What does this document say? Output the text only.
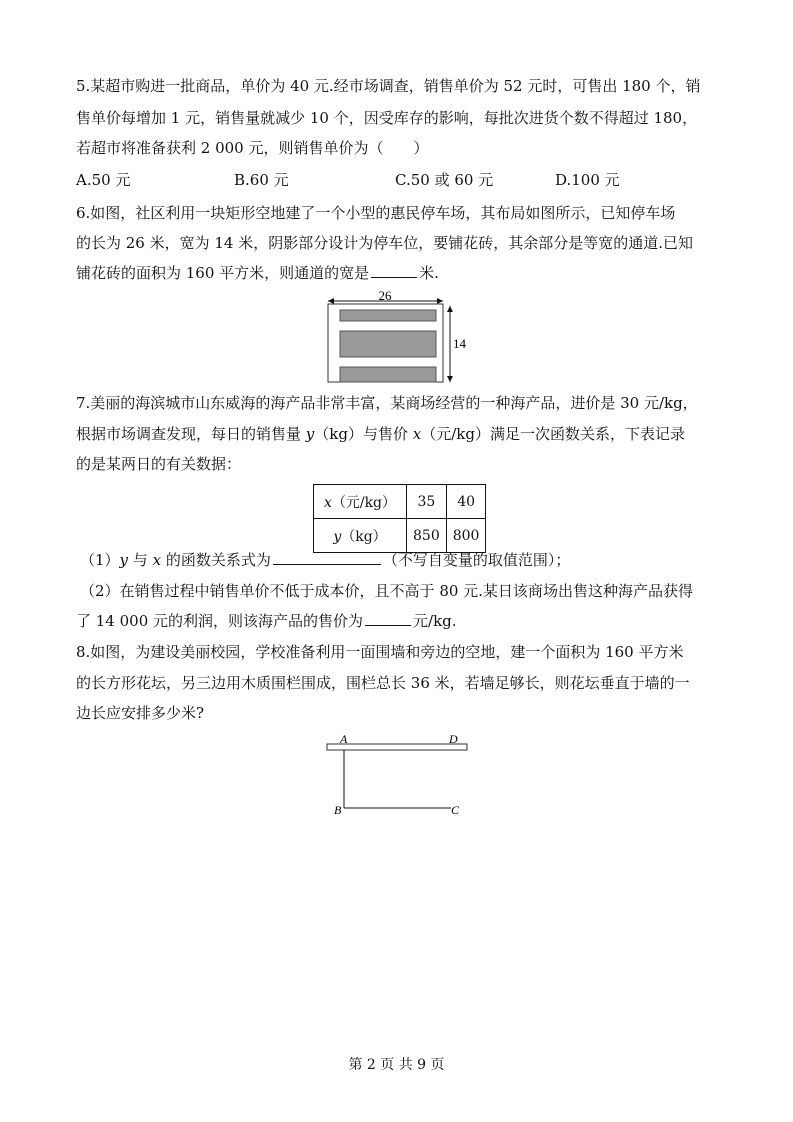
5.某超市购进一批商品，单价为 40 元.经市场调查，销售单价为 52 元时，可售出 180 个，销
售单价每增加 1 元，销售量就减少 10 个，因受库存的影响，每批次进货个数不得超过 180，
若超市将准备获利 2 000 元，则销售单价为（　　）
A.50 元	B.60 元	C.50 或 60 元	D.100 元
6.如图，社区利用一块矩形空地建了一个小型的惠民停车场，其布局如图所示，已知停车场
的长为 26 米，宽为 14 米，阴影部分设计为停车位，要铺花砖，其余部分是等宽的通道.已知
铺花砖的面积为 160 平方米，则通道的宽是	米.
26
14
7.美丽的海滨城市山东威海的海产品非常丰富，某商场经营的一种海产品，进价是 30 元/kg，
根据市场调查发现，每日的销售量 y（kg）与售价 x（元/kg）满足一次函数关系，下表记录
的是某两日的有关数据：
x（元/kg）	35	40
y（kg）	850	800
（1）y 与 x 的函数关系式为	（不写自变量的取值范围）；
（2）在销售过程中销售单价不低于成本价，且不高于 80 元.某日该商场出售这种海产品获得
了 14 000 元的利润，则该海产品的售价为	元/kg.
8.如图，为建设美丽校园，学校准备利用一面围墙和旁边的空地，建一个面积为 160 平方米
的长方形花坛，另三边用木质围栏围成，围栏总长 36 米，若墙足够长，则花坛垂直于墙的一
边长应安排多少米?
A	D
B	C
第 2 页 共 9 页
